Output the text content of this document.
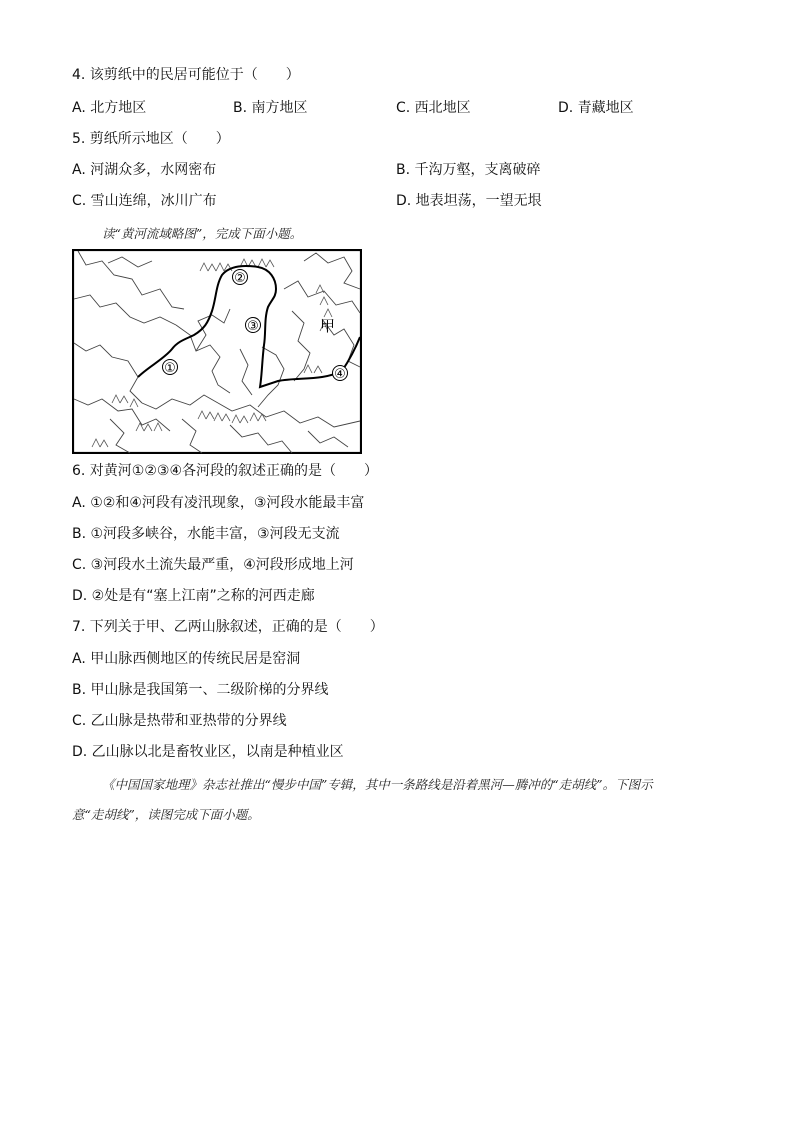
4. 该剪纸中的民居可能位于（　　）
A. 北方地区	B. 南方地区	C. 西北地区	D. 青藏地区
5. 剪纸所示地区（　　）
A. 河湖众多，水网密布	B. 千沟万壑，支离破碎
C. 雪山连绵，冰川广布	D. 地表坦荡，一望无垠
读“黄河流域略图”，完成下面小题。
①
②
③
④
甲
6. 对黄河①②③④各河段的叙述正确的是（　　）
A. ①②和④河段有凌汛现象，③河段水能最丰富
B. ①河段多峡谷，水能丰富，③河段无支流
C. ③河段水土流失最严重，④河段形成地上河
D. ②处是有“塞上江南”之称的河西走廊
7. 下列关于甲、乙两山脉叙述，正确的是（　　）
A. 甲山脉西侧地区的传统民居是窑洞
B. 甲山脉是我国第一、二级阶梯的分界线
C. 乙山脉是热带和亚热带的分界线
D. 乙山脉以北是畜牧业区，以南是种植业区
《中国国家地理》杂志社推出“慢步中国”专辑，其中一条路线是沿着黑河—腾冲的“走胡线”。下图示
意“走胡线”，读图完成下面小题。
